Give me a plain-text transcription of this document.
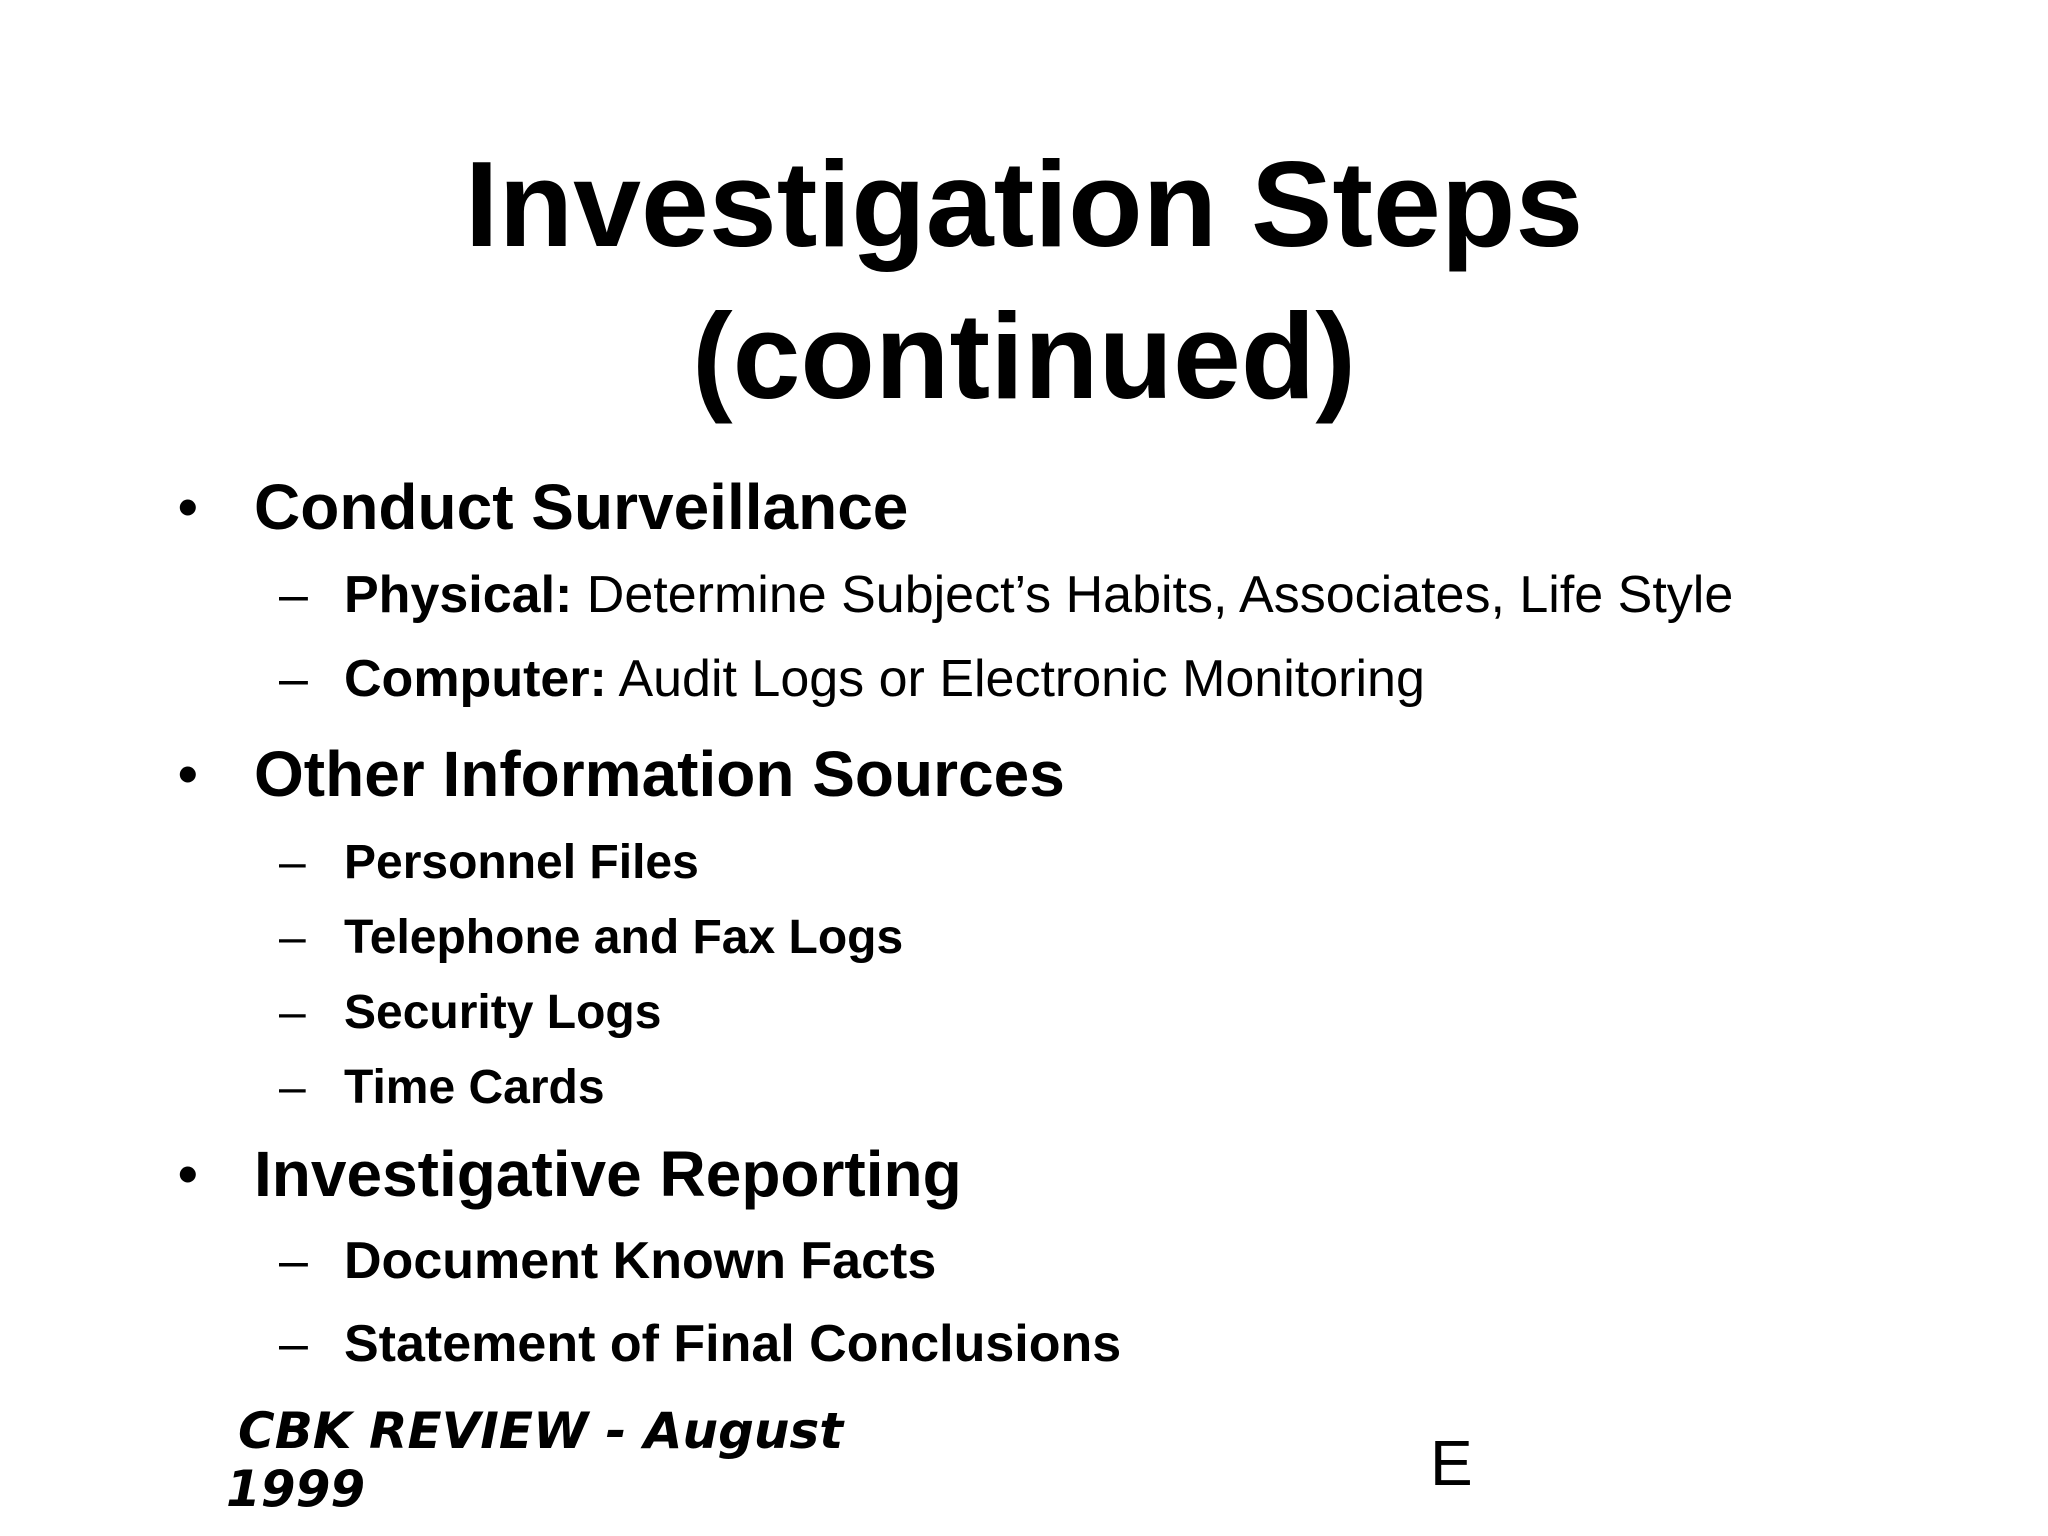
Investigation Steps
(continued)
• Conduct Surveillance
– Physical: Determine Subject’s Habits, Associates, Life Style
– Computer: Audit Logs or Electronic Monitoring
• Other Information Sources
– Personnel Files
– Telephone and Fax Logs
– Security Logs
– Time Cards
• Investigative Reporting
– Document Known Facts
– Statement of Final Conclusions
CBK REVIEW - August
1999	E
